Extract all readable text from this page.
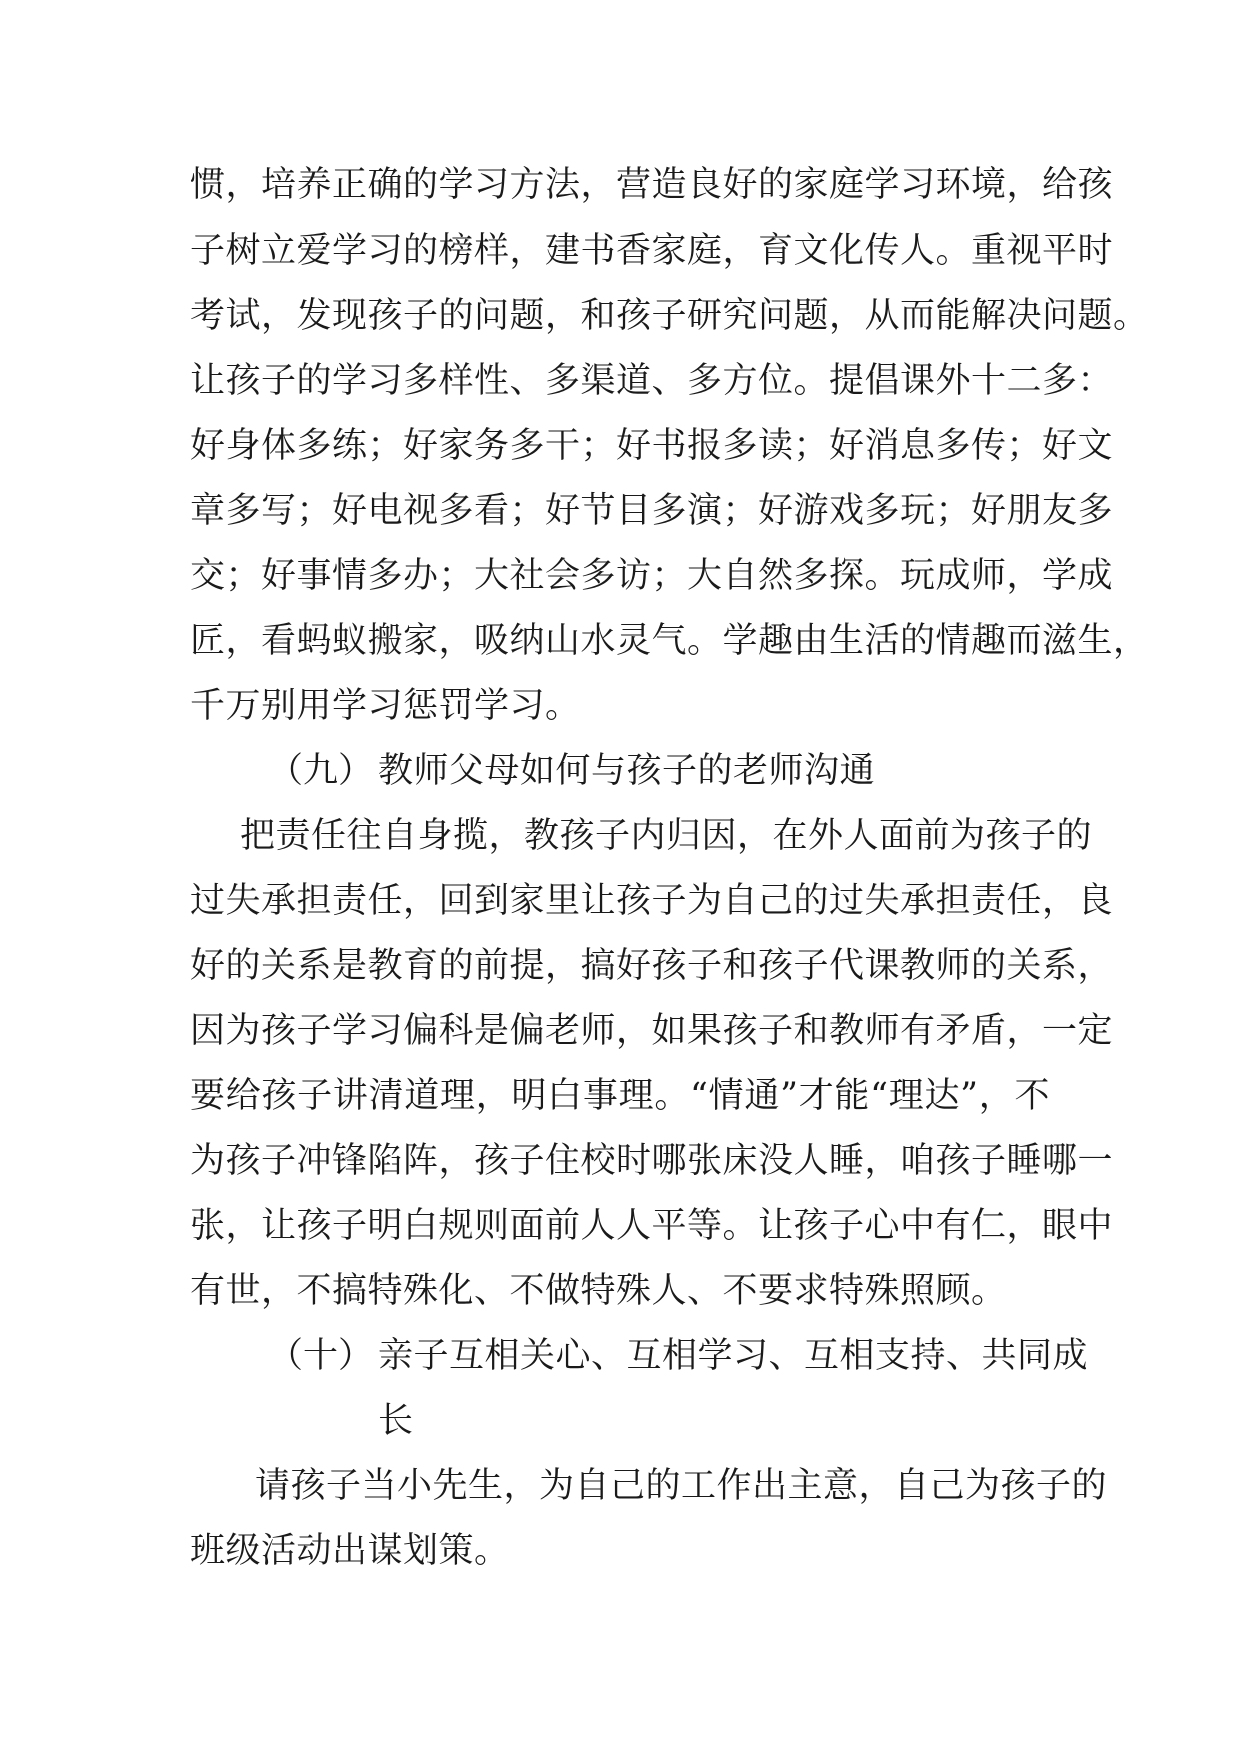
惯，培养正确的学习方法，营造良好的家庭学习环境，给孩
子树立爱学习的榜样，建书香家庭，育文化传人。重视平时
考试，发现孩子的问题，和孩子研究问题，从而能解决问题。
让孩子的学习多样性、多渠道、多方位。提倡课外十二多：
好身体多练；好家务多干；好书报多读；好消息多传；好文
章多写；好电视多看；好节目多演；好游戏多玩；好朋友多
交；好事情多办；大社会多访；大自然多探。玩成师，学成
匠，看蚂蚁搬家，吸纳山水灵气。学趣由生活的情趣而滋生，
千万别用学习惩罚学习。
（九） 教师父母如何与孩子的老师沟通
把责任往自身揽，教孩子内归因，在外人面前为孩子的
过失承担责任，回到家里让孩子为自己的过失承担责任，良
好的关系是教育的前提，搞好孩子和孩子代课教师的关系，
因为孩子学习偏科是偏老师，如果孩子和教师有矛盾，一定
要给孩子讲清道理，明白事理。“情通”才能“理达”，不
为孩子冲锋陷阵，孩子住校时哪张床没人睡，咱孩子睡哪一
张，让孩子明白规则面前人人平等。让孩子心中有仁，眼中
有世，不搞特殊化、不做特殊人、不要求特殊照顾。
（十） 亲子互相关心、互相学习、互相支持、共同成
长
请孩子当小先生，为自己的工作出主意，自己为孩子的
班级活动出谋划策。
